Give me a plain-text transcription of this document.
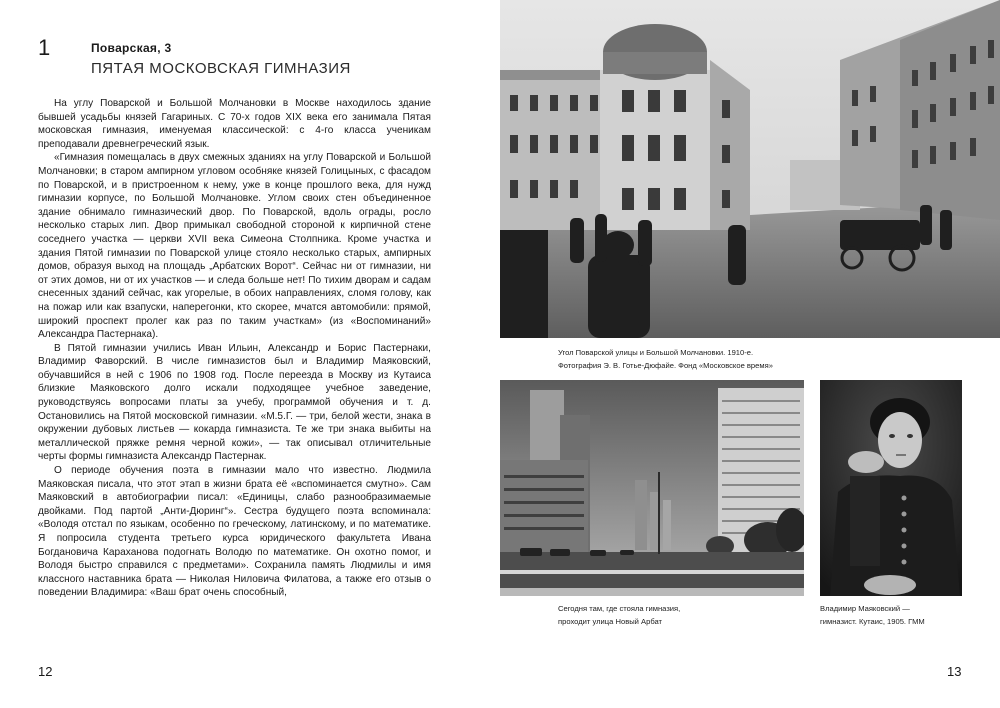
1	Поварская, 3
ПЯТАЯ МОСКОВСКАЯ ГИМНАЗИЯ

На углу Поварской и Большой Молчановки в Москве находилось здание бывшей усадьбы князей Гагариных. С 70-х годов XIX века его занимала Пятая московская гимназия, именуемая классической: с 4-го класса ученикам преподавали древнегреческий язык.

«Гимназия помещалась в двух смежных зданиях на углу Поварской и Большой Молчановки; в старом ампирном угловом особняке князей Голицыных, с фасадом по Поварской, и в пристроенном к нему, уже в конце прошлого века, для нужд гимназии корпусе, по Большой Молчановке. Углом своих стен объединенное здание обнимало гимназический двор. По Поварской, вдоль ограды, росло несколько старых лип. Двор примыкал свободной стороной к кирпичной стене соседнего участка — церкви XVII века Симеона Столпника. Кроме участка и здания Пятой гимназии по Поварской улице стояло несколько старых, ампирных домов, образуя выход на площадь „Арбатских Ворот“. Сейчас ни от гимназии, ни от этих домов, ни от их участков — и следа больше нет! По тихим дворам и садам снесенных зданий сейчас, как угорелые, в обоих направлениях, сломя голову, как на пожар или как взапуски, наперегонки, кто скорее, мчатся автомобили: прямой, широкий проспект пролег как раз по таким участкам» (из «Воспоминаний» Александра Пастернака).

В Пятой гимназии учились Иван Ильин, Александр и Борис Пастернаки, Владимир Фаворский. В числе гимназистов был и Владимир Маяковский, обучавшийся в ней с 1906 по 1908 год. После переезда в Москву из Кутаиса близкие Маяковского долго искали подходящее учебное заведение, руководствуясь вопросами платы за учебу, программой обучения и т. д. Остановились на Пятой московской гимназии. «М.5.Г. — три, белой жести, знака в окружении дубовых листьев — кокарда гимназиста. Те же три знака выбиты на металлической пряжке ремня черной кожи», — так описывал отличительные черты формы гимназиста Александр Пастернак.

О периоде обучения поэта в гимназии мало что известно. Людмила Маяковская писала, что этот этап в жизни брата её «вспоминается смутно». Сам Маяковский в автобиографии писал: «Единицы, слабо разнообразимаемые двойками. Под партой „Анти-Дюринг“». Сестра будущего поэта вспоминала: «Володя отстал по языкам, особенно по греческому, латинскому, и по математике. Я попросила студента третьего курса юридического факультета Ивана Богдановича Караханова подогнать Володю по математике. Он охотно помог, и Володя быстро справился с предметами». Сохранила память Людмилы и имя классного наставника брата — Николая Ниловича Филатова, а также его отзыв о поведении Владимира: «Ваш брат очень способный,

12
Угол Поварской улицы и Большой Молчановки. 1910-е.
Фотография Э. В. Готье-Дюфайе. Фонд «Московское время»
Сегодня там, где стояла гимназия,
проходит улица Новый Арбат
Владимир Маяковский —
гимназист. Кутаис, 1905. ГММ
13
